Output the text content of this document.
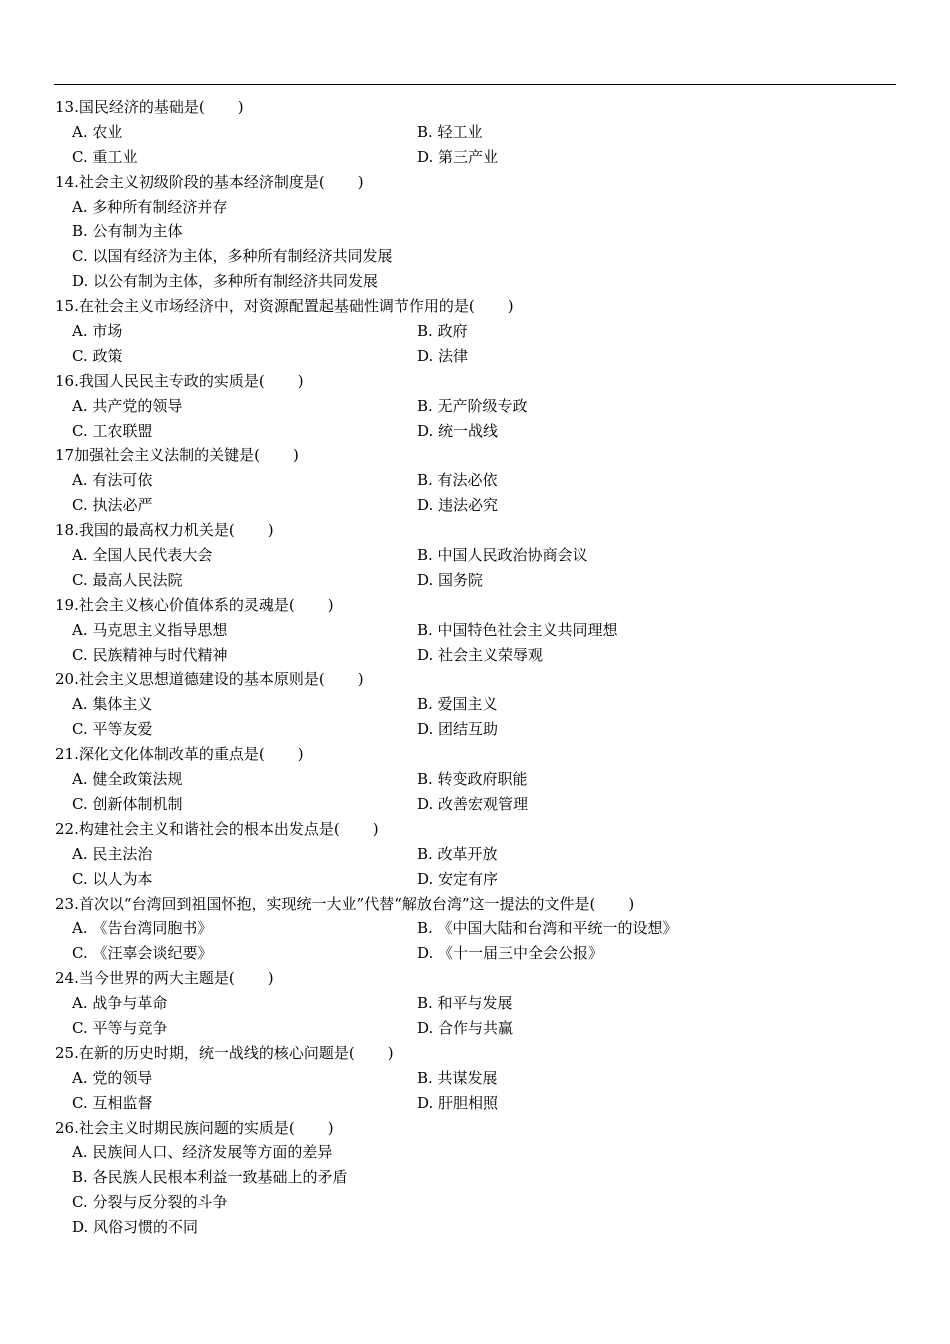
13.国民经济的基础是( )
A. 农业	B. 轻工业
C. 重工业	D. 第三产业
14.社会主义初级阶段的基本经济制度是( )
A. 多种所有制经济并存
B. 公有制为主体
C. 以国有经济为主体，多种所有制经济共同发展
D. 以公有制为主体，多种所有制经济共同发展
15.在社会主义市场经济中，对资源配置起基础性调节作用的是( )
A. 市场	B. 政府
C. 政策	D. 法律
16.我国人民民主专政的实质是( )
A. 共产党的领导	B. 无产阶级专政
C. 工农联盟	D. 统一战线
17加强社会主义法制的关键是( )
A. 有法可依	B. 有法必依
C. 执法必严	D. 违法必究
18.我国的最高权力机关是( )
A. 全国人民代表大会	B. 中国人民政治协商会议
C. 最高人民法院	D. 国务院
19.社会主义核心价值体系的灵魂是( )
A. 马克思主义指导思想	B. 中国特色社会主义共同理想
C. 民族精神与时代精神	D. 社会主义荣辱观
20.社会主义思想道德建设的基本原则是( )
A. 集体主义	B. 爱国主义
C. 平等友爱	D. 团结互助
21.深化文化体制改革的重点是( )
A. 健全政策法规	B. 转变政府职能
C. 创新体制机制	D. 改善宏观管理
22.构建社会主义和谐社会的根本出发点是( )
A. 民主法治	B. 改革开放
C. 以人为本	D. 安定有序
23.首次以“台湾回到祖国怀抱，实现统一大业”代替“解放台湾”这一提法的文件是( )
A. 《告台湾同胞书》	B. 《中国大陆和台湾和平统一的设想》
C. 《汪辜会谈纪要》	D. 《十一届三中全会公报》
24.当今世界的两大主题是( )
A. 战争与革命	B. 和平与发展
C. 平等与竞争	D. 合作与共赢
25.在新的历史时期，统一战线的核心问题是( )
A. 党的领导	B. 共谋发展
C. 互相监督	D. 肝胆相照
26.社会主义时期民族问题的实质是( )
A. 民族间人口、经济发展等方面的差异
B. 各民族人民根本利益一致基础上的矛盾
C. 分裂与反分裂的斗争
D. 风俗习惯的不同
